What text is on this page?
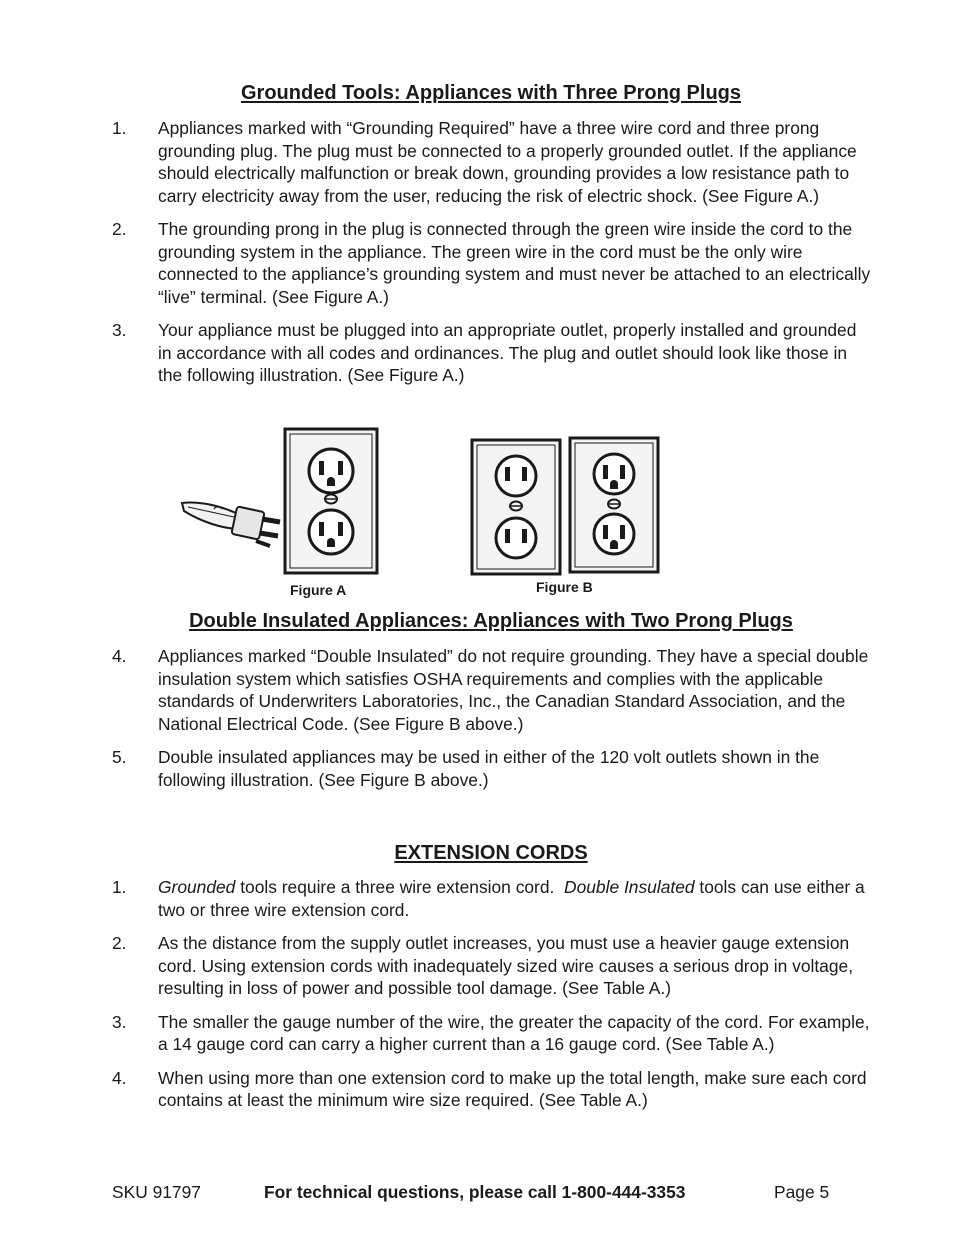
Grounded Tools: Appliances with Three Prong Plugs
1. Appliances marked with “Grounding Required” have a three wire cord and three prong grounding plug. The plug must be connected to a properly grounded outlet. If the appliance should electrically malfunction or break down, grounding provides a low resistance path to carry electricity away from the user, reducing the risk of electric shock. (See Figure A.)
2. The grounding prong in the plug is connected through the green wire inside the cord to the grounding system in the appliance. The green wire in the cord must be the only wire connected to the appliance’s grounding system and must never be attached to an electrically “live” terminal. (See Figure A.)
3. Your appliance must be plugged into an appropriate outlet, properly installed and grounded in accordance with all codes and ordinances. The plug and outlet should look like those in the following illustration. (See Figure A.)
Figure A	Figure B
Double Insulated Appliances: Appliances with Two Prong Plugs
4. Appliances marked “Double Insulated” do not require grounding. They have a special double insulation system which satisfies OSHA requirements and complies with the applicable standards of Underwriters Laboratories, Inc., the Canadian Standard Association, and the National Electrical Code. (See Figure B above.)
5. Double insulated appliances may be used in either of the 120 volt outlets shown in the following illustration. (See Figure B above.)
EXTENSION CORDS
1. Grounded tools require a three wire extension cord.  Double Insulated tools can use either a two or three wire extension cord.
2. As the distance from the supply outlet increases, you must use a heavier gauge extension cord. Using extension cords with inadequately sized wire causes a serious drop in voltage, resulting in loss of power and possible tool damage. (See Table A.)
3. The smaller the gauge number of the wire, the greater the capacity of the cord. For example, a 14 gauge cord can carry a higher current than a 16 gauge cord. (See Table A.)
4. When using more than one extension cord to make up the total length, make sure each cord contains at least the minimum wire size required. (See Table A.)
SKU 91797	For technical questions, please call 1-800-444-3353	Page 5
